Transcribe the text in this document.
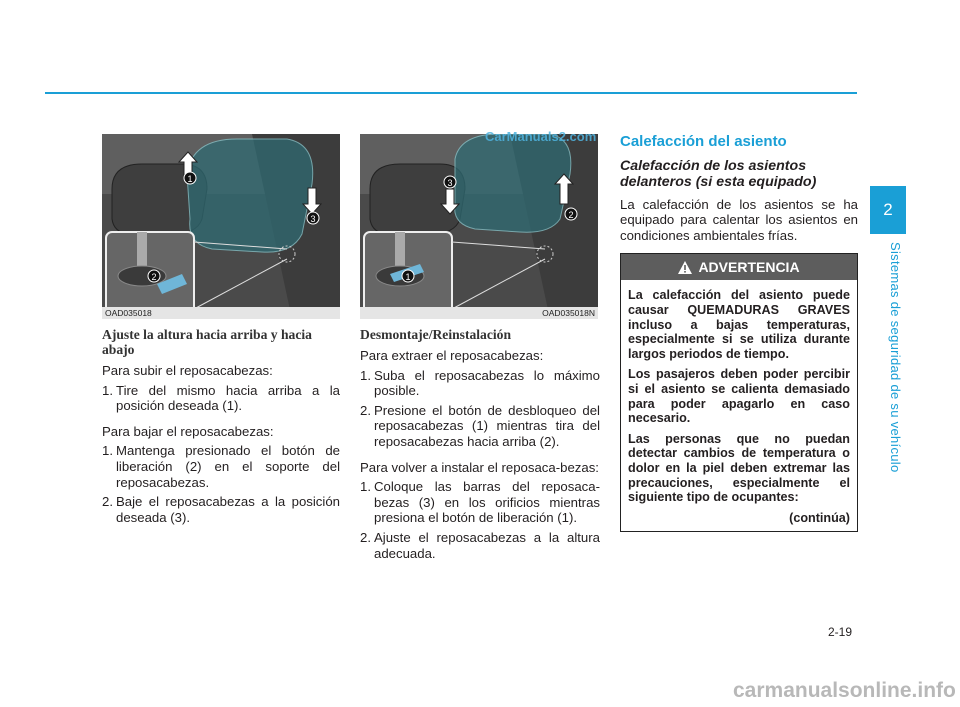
1
2
3
OAD035018
Ajuste la altura hacia arriba y hacia abajo

Para subir el reposacabezas:

1. Tire del mismo hacia arriba a la posición deseada (1).

Para bajar el reposacabezas:

1. Mantenga presionado el botón de liberación (2) en el soporte del reposacabezas.
2. Baje el reposacabezas a la posición deseada (3).
3
2
1
OAD035018N
Desmontaje/Reinstalación

Para extraer el reposacabezas:

1. Suba el reposacabezas lo máximo posible.
2. Presione el botón de desbloqueo del reposacabezas (1) mientras tira del reposacabezas hacia arriba (2).

Para volver a instalar el reposaca-bezas:

1. Coloque las barras del reposaca-bezas (3) en los orificios mientras presiona el botón de liberación (1).
2. Ajuste el reposacabezas a la altura adecuada.
Calefacción del asiento
Calefacción de los asientos delanteros (si esta equipado)

La calefacción de los asientos se ha equipado para calentar los asientos en condiciones ambientales frías.

ADVERTENCIA

La calefacción del asiento puede causar QUEMADURAS GRAVES incluso a bajas temperaturas, especialmente si se utiliza durante largos periodos de tiempo.

Los pasajeros deben poder percibir si el asiento se calienta demasiado para poder apagarlo en caso necesario.

Las personas que no puedan detectar cambios de temperatura o dolor en la piel deben extremar las precauciones, especialmente el siguiente tipo de ocupantes:

(continúa)
2
Sistemas de seguridad de su vehículo
2-19
CarManuals2.com
carmanualsonline.info
